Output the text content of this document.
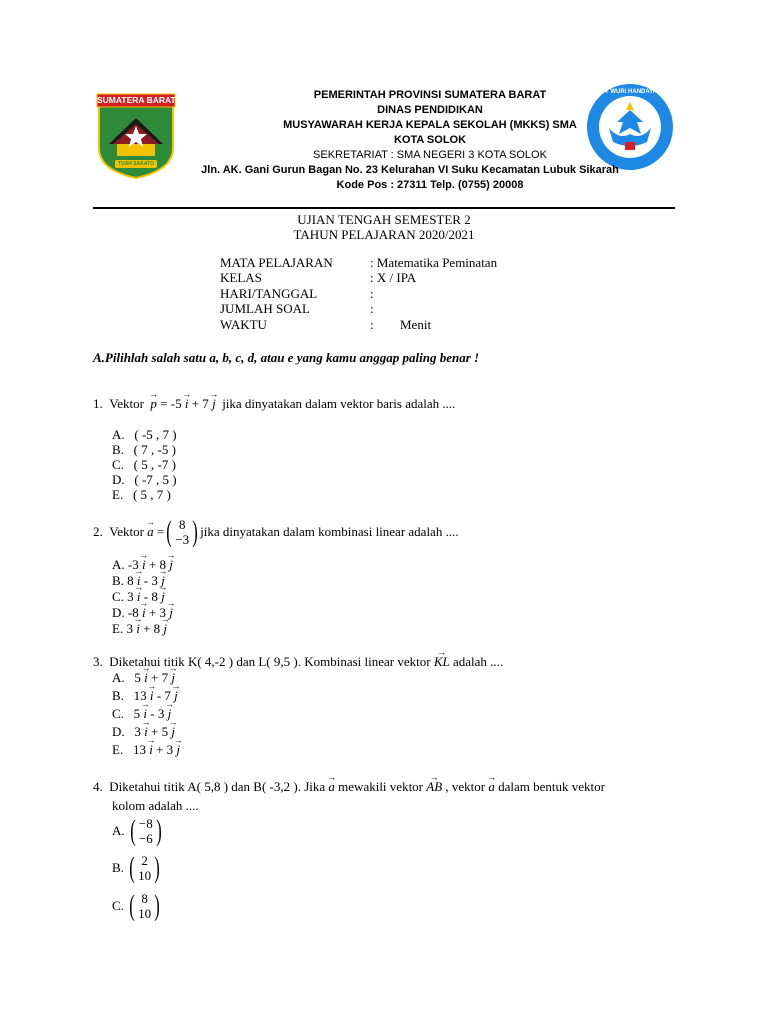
SUMATERA BARAT
TUAH SAKATO
TUT WURI HANDAYANI
PEMERINTAH PROVINSI SUMATERA BARAT
DINAS PENDIDIKAN
MUSYAWARAH KERJA KEPALA SEKOLAH (MKKS) SMA
KOTA SOLOK
SEKRETARIAT : SMA NEGERI 3 KOTA SOLOK
Jln. AK. Gani Gurun Bagan No. 23 Kelurahan VI Suku Kecamatan Lubuk Sikarah
Kode Pos : 27311 Telp. (0755) 20008
UJIAN TENGAH SEMESTER 2
TAHUN PELAJARAN 2020/2021
MATA PELAJARAN	: Matematika Peminatan
KELAS	: X / IPA
HARI/TANGGAL	:
JUMLAH SOAL	:
WAKTU	: Menit
A.Pilihlah salah satu a, b, c, d, atau e yang kamu anggap paling benar !
1. Vektor → p = -5 → i + 7 → j jika dinyatakan dalam vektor baris adalah ....
A. ( -5 , 7 )
B. ( 7 , -5 )
C. ( 5 , -7 )
D. ( -7 , 5 )
E. ( 5 , 7 )
2.
Vektor
→ a
= ( 8
−3 ) jika dinyatakan dalam kombinasi linear adalah ....
A. -3 → i + 8 → j
B. 8 → i - 3 → j
C. 3 → i - 8 → j
D. -8 → i + 3 → j
E. 3 → i + 8 → j
3. Diketahui titik K( 4,-2 ) dan L( 9,5 ). Kombinasi linear vektor → KL adalah ....
A. 5 → i + 7 → j
B. 13 → i - 7 → j
C. 5 → i - 3 → j
D. 3 → i + 5 → j
E. 13 → i + 3 → j
4. Diketahui titik A( 5,8 ) dan B( -3,2 ). Jika → a mewakili vektor → AB , vektor → a dalam bentuk vektor
kolom adalah ....
A.
( −8
−6 )
B.
( 2
10 )
C.
( 8
10 )
